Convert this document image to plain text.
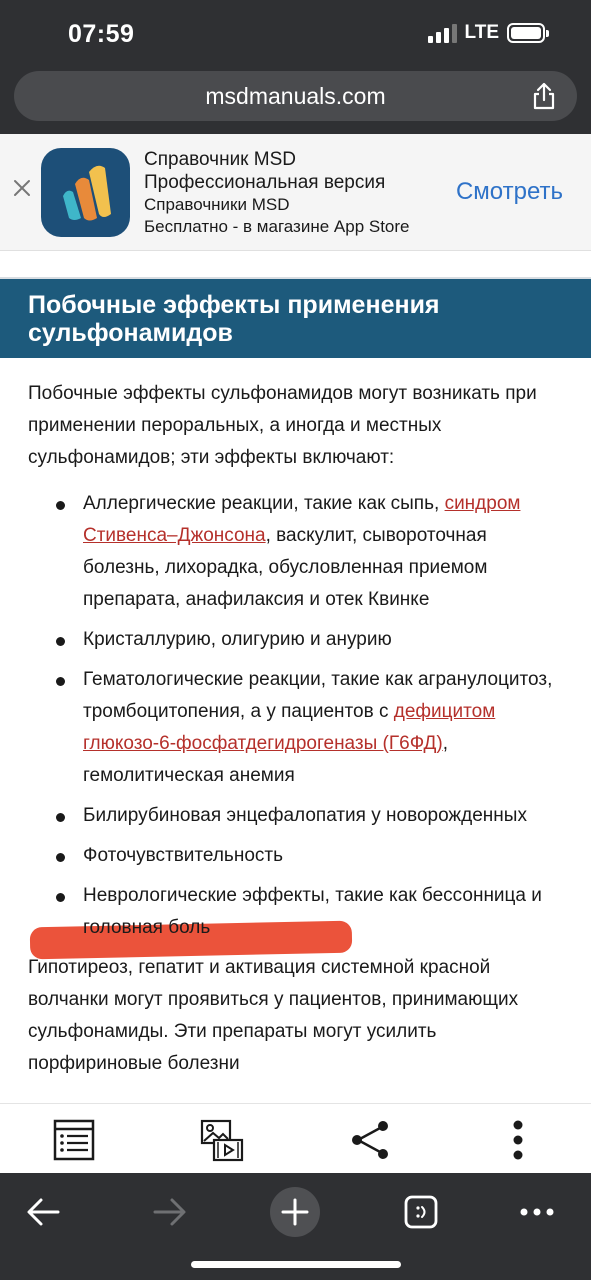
07:59	LTE
msdmanuals.com
Справочник MSD
Профессиональная версия
Справочники MSD
Бесплатно - в магазине App Store
Смотреть
Побочные эффекты применения сульфонамидов

Побочные эффекты сульфонамидов могут возникать при применении пероральных, а иногда и местных сульфонамидов; эти эффекты включают:

Аллергические реакции, такие как сыпь, синдром Стивенса–Джонсона, васкулит, сывороточная болезнь, лихорадка, обусловленная приемом препарата, анафилаксия и отек Квинке
Кристаллурию, олигурию и анурию
Гематологические реакции, такие как агранулоцитоз, тромбоцитопения, а у пациентов с дефицитом глюкозо-6-фосфатдегидрогеназы (Г6ФД), гемолитическая анемия
Билирубиновая энцефалопатия у новорожденных
Фоточувствительность
Неврологические эффекты, такие как бессонница и головная боль

Гипотиреоз, гепатит и активация системной красной волчанки могут проявиться у пациентов, принимающих сульфонамиды. Эти препараты могут усилить порфириновые болезни
